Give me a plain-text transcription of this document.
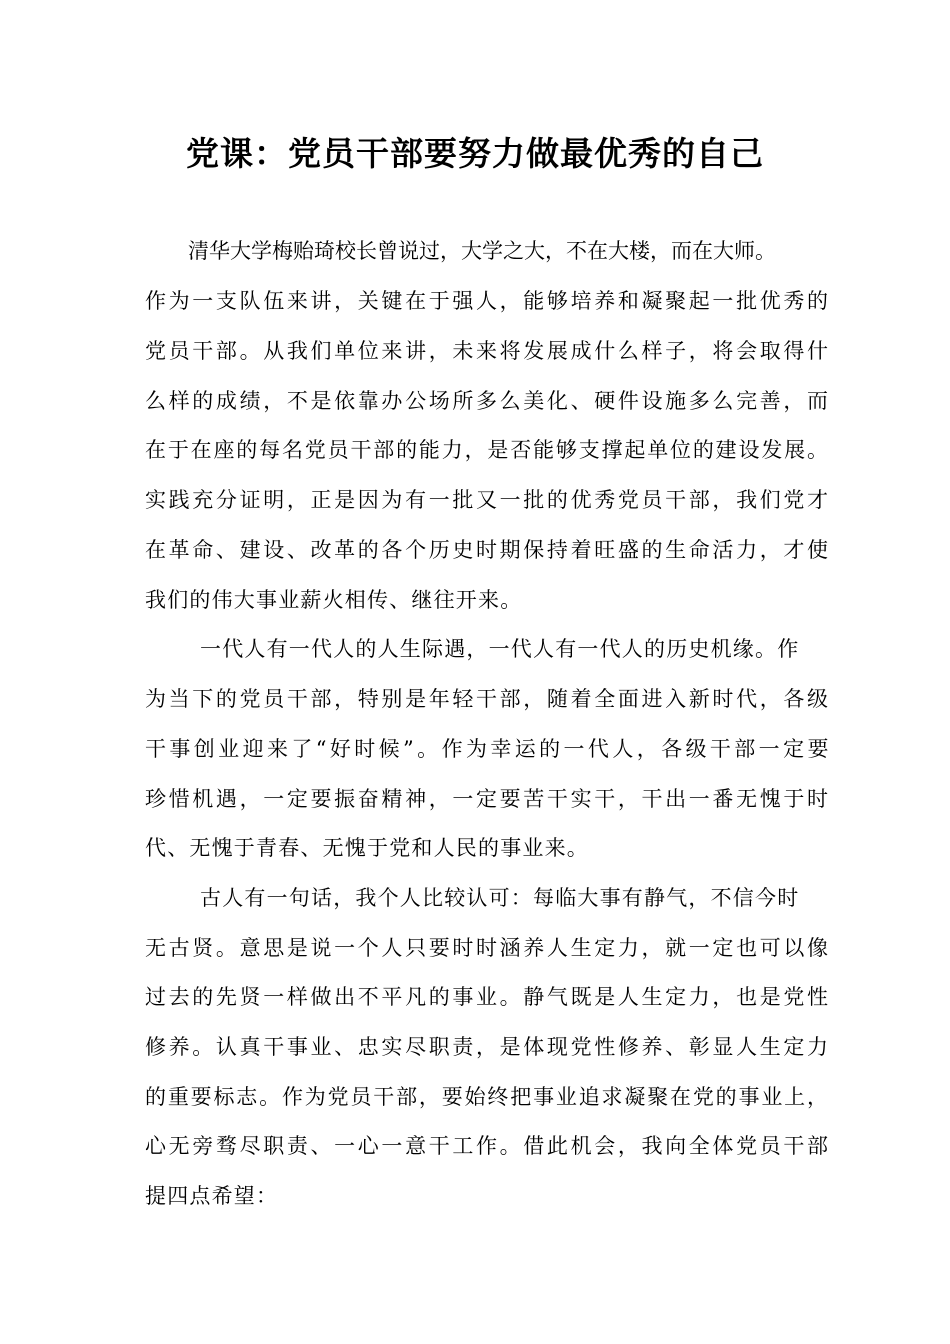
党课：党员干部要努力做最优秀的自己

清华大学梅贻琦校长曾说过，大学之大，不在大楼，而在大师。

作为一支队伍来讲，关键在于强人，能够培养和凝聚起一批优秀的

党员干部。从我们单位来讲，未来将发展成什么样子，将会取得什

么样的成绩，不是依靠办公场所多么美化、硬件设施多么完善，而

在于在座的每名党员干部的能力，是否能够支撑起单位的建设发展。

实践充分证明，正是因为有一批又一批的优秀党员干部，我们党才

在革命、建设、改革的各个历史时期保持着旺盛的生命活力，才使

我们的伟大事业薪火相传、继往开来。

一代人有一代人的人生际遇，一代人有一代人的历史机缘。作

为当下的党员干部，特别是年轻干部，随着全面进入新时代，各级

干事创业迎来了“好时候”。作为幸运的一代人，各级干部一定要

珍惜机遇，一定要振奋精神，一定要苦干实干，干出一番无愧于时

代、无愧于青春、无愧于党和人民的事业来。

古人有一句话，我个人比较认可：每临大事有静气，不信今时

无古贤。意思是说一个人只要时时涵养人生定力，就一定也可以像

过去的先贤一样做出不平凡的事业。静气既是人生定力，也是党性

修养。认真干事业、忠实尽职责，是体现党性修养、彰显人生定力

的重要标志。作为党员干部，要始终把事业追求凝聚在党的事业上，

心无旁骛尽职责、一心一意干工作。借此机会，我向全体党员干部

提四点希望：
